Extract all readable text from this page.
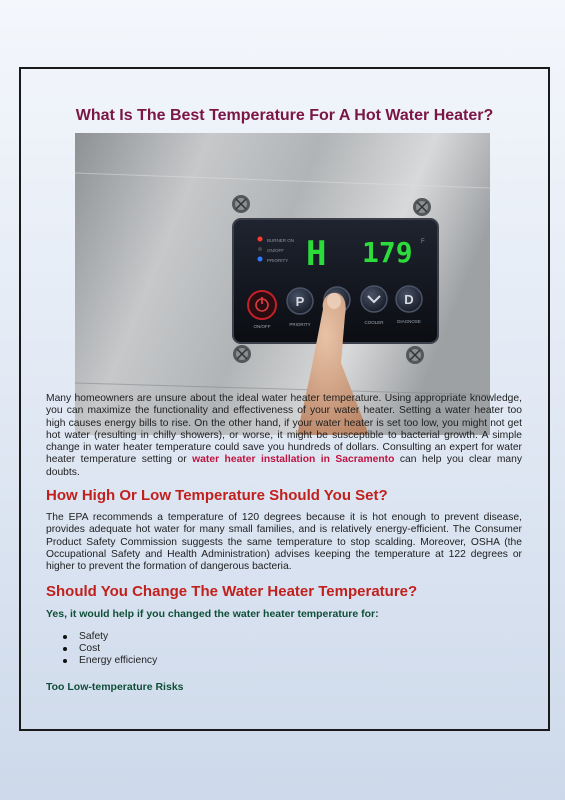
What Is The Best Temperature For A Hot Water Heater?
BURNER ON
ON/OFF
PRIORITY H 179 F
ON/OFF
P
PRIORITY	COOLER
D
DIAGNOSE

Many homeowners are unsure about the ideal water heater temperature. Using appropriate knowledge, you can maximize the functionality and effectiveness of your water heater. Setting a water heater too high causes energy bills to rise. On the other hand, if your water heater is set too low, you might not get hot water (resulting in chilly showers), or worse, it might be susceptible to bacterial growth. A simple change in water heater temperature could save you hundreds of dollars. Consulting an expert for water heater temperature setting or water heater installation in Sacramento can help you clear many doubts.

How High Or Low Temperature Should You Set?

The EPA recommends a temperature of 120 degrees because it is hot enough to prevent disease, provides adequate hot water for many small families, and is relatively energy-efficient. The Consumer Product Safety Commission suggests the same temperature to stop scalding. Moreover, OSHA (the Occupational Safety and Health Administration) advises keeping the temperature at 122 degrees or higher to prevent the formation of dangerous bacteria.

Should You Change The Water Heater Temperature?
Yes, it would help if you changed the water heater temperature for:
Safety
Cost
Energy efficiency
Too Low-temperature Risks
